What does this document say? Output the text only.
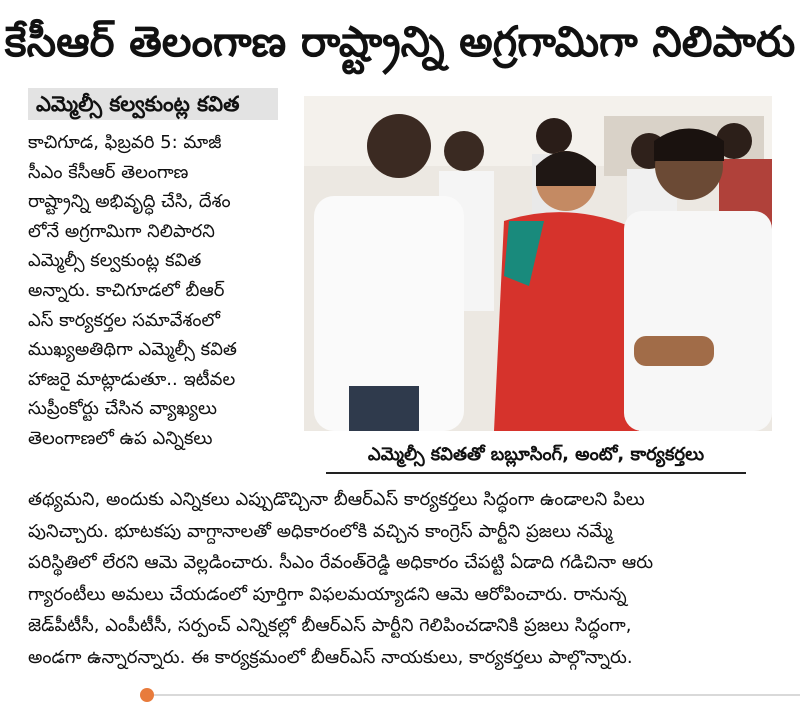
కేసీఆర్ తెలంగాణ రాష్ట్రాన్ని అగ్రగామిగా నిలిపారు
ఎమ్మెల్సీ కల్వకుంట్ల కవిత
కాచిగూడ, ఫిబ్రవరి 5: మాజీ
సీఎం కేసీఆర్ తెలంగాణ
రాష్ట్రాన్ని అభివృద్ధి చేసి, దేశం
లోనే అగ్రగామిగా నిలిపారని
ఎమ్మెల్సీ కల్వకుంట్ల కవిత
అన్నారు. కాచిగూడలో బీఆర్
ఎస్ కార్యకర్తల సమావేశంలో
ముఖ్యఅతిథిగా ఎమ్మెల్సీ కవిత
హాజరై మాట్లాడుతూ.. ఇటీవల
సుప్రీంకోర్టు చేసిన వ్యాఖ్యలు
తెలంగాణలో ఉప ఎన్నికలు
ఎమ్మెల్సీ కవితతో బబ్లూసింగ్, అంటో, కార్యకర్తలు
తథ్యమని, అందుకు ఎన్నికలు ఎప్పుడొచ్చినా బీఆర్ఎస్ కార్యకర్తలు సిద్ధంగా ఉండాలని పిలు
పునిచ్చారు. భూటకపు వాగ్దానాలతో అధికారంలోకి వచ్చిన కాంగ్రెస్ పార్టీని ప్రజలు నమ్మే
పరిస్థితిలో లేరని ఆమె వెల్లడించారు. సీఎం రేవంత్‌రెడ్డి అధికారం చేపట్టి ఏడాది గడిచినా ఆరు
గ్యారంటీలు అమలు చేయడంలో పూర్తిగా విఫలమయ్యాడని ఆమె ఆరోపించారు. రానున్న
జెడ్‌పీటీసీ, ఎంపీటీసీ, సర్పంచ్ ఎన్నికల్లో బీఆర్ఎస్ పార్టీని గెలిపించడానికి ప్రజలు సిద్ధంగా,
అండగా ఉన్నారన్నారు. ఈ కార్యక్రమంలో బీఆర్ఎస్ నాయకులు, కార్యకర్తలు పాల్గొన్నారు.
